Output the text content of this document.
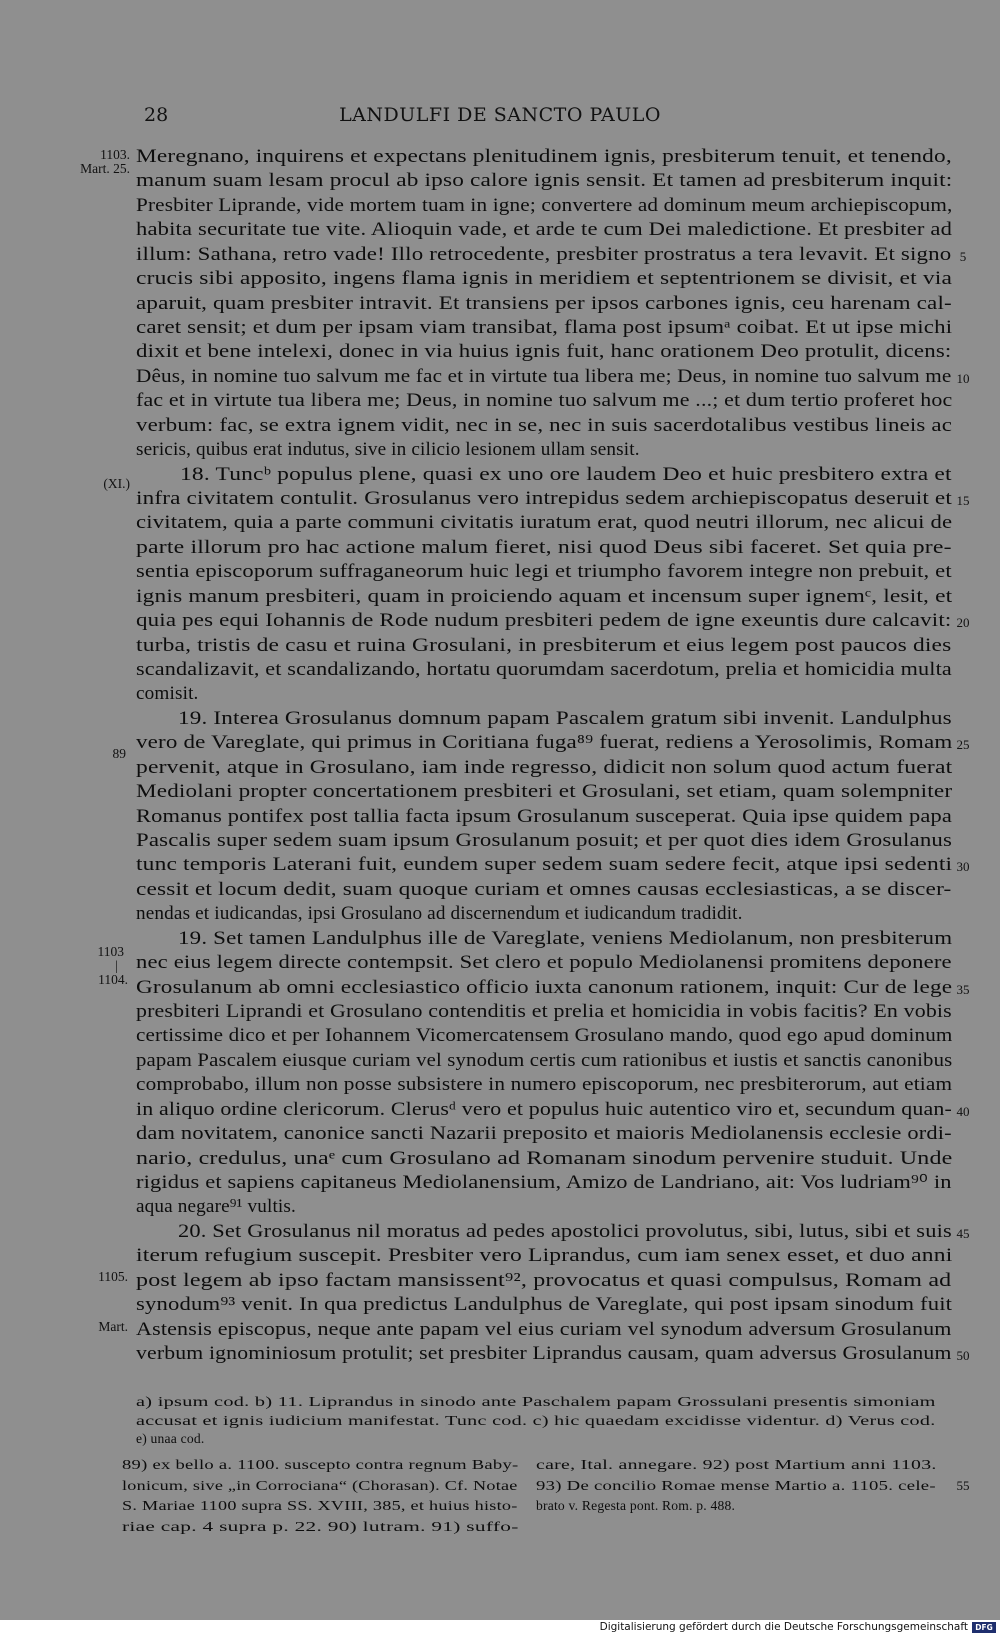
28	LANDULFI DE SANCTO PAULO
Meregnano, inquirens et expectans plenitudinem ignis, presbiterum tenuit, et tenendo,
manum suam lesam procul ab ipso calore ignis sensit. Et tamen ad presbiterum inquit:
Presbiter Liprande, vide mortem tuam in igne; convertere ad dominum meum archiepiscopum,
habita securitate tue vite. Alioquin vade, et arde te cum Dei maledictione. Et presbiter ad
illum: Sathana, retro vade! Illo retrocedente, presbiter prostratus a tera levavit. Et signo
crucis sibi apposito, ingens flama ignis in meridiem et septentrionem se divisit, et via
aparuit, quam presbiter intravit. Et transiens per ipsos carbones ignis, ceu harenam cal-
caret sensit; et dum per ipsam viam transibat, flama post ipsumᵃ coibat. Et ut ipse michi
dixit et bene intelexi, donec in via huius ignis fuit, hanc orationem Deo protulit, dicens:
Dêus, in nomine tuo salvum me fac et in virtute tua libera me; Deus, in nomine tuo salvum me
fac et in virtute tua libera me; Deus, in nomine tuo salvum me ...; et dum tertio proferet hoc
verbum: fac, se extra ignem vidit, nec in se, nec in suis sacerdotalibus vestibus lineis ac
sericis, quibus erat indutus, sive in cilicio lesionem ullam sensit.
18. Tuncᵇ populus plene, quasi ex uno ore laudem Deo et huic presbitero extra et
infra civitatem contulit. Grosulanus vero intrepidus sedem archiepiscopatus deseruit et
civitatem, quia a parte communi civitatis iuratum erat, quod neutri illorum, nec alicui de
parte illorum pro hac actione malum fieret, nisi quod Deus sibi faceret. Set quia pre-
sentia episcoporum suffraganeorum huic legi et triumpho favorem integre non prebuit, et
ignis manum presbiteri, quam in proiciendo aquam et incensum super ignemᶜ, lesit, et
quia pes equi Iohannis de Rode nudum presbiteri pedem de igne exeuntis dure calcavit:
turba, tristis de casu et ruina Grosulani, in presbiterum et eius legem post paucos dies
scandalizavit, et scandalizando, hortatu quorumdam sacerdotum, prelia et homicidia multa
comisit.
19. Interea Grosulanus domnum papam Pascalem gratum sibi invenit. Landulphus
vero de Vareglate, qui primus in Coritiana fuga⁸⁹ fuerat, rediens a Yerosolimis, Romam
pervenit, atque in Grosulano, iam inde regresso, didicit non solum quod actum fuerat
Mediolani propter concertationem presbiteri et Grosulani, set etiam, quam solempniter
Romanus pontifex post tallia facta ipsum Grosulanum susceperat. Quia ipse quidem papa
Pascalis super sedem suam ipsum Grosulanum posuit; et per quot dies idem Grosulanus
tunc temporis Laterani fuit, eundem super sedem suam sedere fecit, atque ipsi sedenti
cessit et locum dedit, suam quoque curiam et omnes causas ecclesiasticas, a se discer-
nendas et iudicandas, ipsi Grosulano ad discernendum et iudicandum tradidit.
19. Set tamen Landulphus ille de Vareglate, veniens Mediolanum, non presbiterum
nec eius legem directe contempsit. Set clero et populo Mediolanensi promitens deponere
Grosulanum ab omni ecclesiastico officio iuxta canonum rationem, inquit: Cur de lege
presbiteri Liprandi et Grosulano contenditis et prelia et homicidia in vobis facitis? En vobis
certissime dico et per Iohannem Vicomercatensem Grosulano mando, quod ego apud dominum
papam Pascalem eiusque curiam vel synodum certis cum rationibus et iustis et sanctis canonibus
comprobabo, illum non posse subsistere in numero episcoporum, nec presbiterorum, aut etiam
in aliquo ordine clericorum. Clerusᵈ vero et populus huic autentico viro et, secundum quan-
dam novitatem, canonice sancti Nazarii preposito et maioris Mediolanensis ecclesie ordi-
nario, credulus, unaᵉ cum Grosulano ad Romanam sinodum pervenire studuit. Unde
rigidus et sapiens capitaneus Mediolanensium, Amizo de Landriano, ait: Vos ludriam⁹⁰ in
aqua negare⁹¹ vultis.
20. Set Grosulanus nil moratus ad pedes apostolici provolutus, sibi, lutus, sibi et suis
iterum refugium suscepit. Presbiter vero Liprandus, cum iam senex esset, et duo anni
post legem ab ipso factam mansissent⁹², provocatus et quasi compulsus, Romam ad
synodum⁹³ venit. In qua predictus Landulphus de Vareglate, qui post ipsam sinodum fuit
Astensis episcopus, neque ante papam vel eius curiam vel synodum adversum Grosulanum
verbum ignominiosum protulit; set presbiter Liprandus causam, quam adversus Grosulanum
1103.
Mart. 25.
(XI.)
89
1103
|
1104.
1105.
Mart.
5
10
15
20
25
30
35
40
45
50
55
a) ipsum cod. b) 11. Liprandus in sinodo ante Paschalem papam Grossulani presentis simoniam
accusat et ignis iudicium manifestat. Tunc cod. c) hic quaedam excidisse videntur. d) Verus cod.
e) unaa cod.
89) ex bello a. 1100. suscepto contra regnum Baby-
lonicum, sive „in Corrociana“ (Chorasan). Cf. Notae
S. Mariae 1100 supra SS. XVIII, 385, et huius histo-
riae cap. 4 supra p. 22. 90) lutram. 91) suffo-
care, Ital. annegare. 92) post Martium anni 1103.
93) De concilio Romae mense Martio a. 1105. cele-
brato v. Regesta pont. Rom. p. 488.
Digitalisierung gefördert durch die Deutsche Forschungsgemeinschaft DFG
